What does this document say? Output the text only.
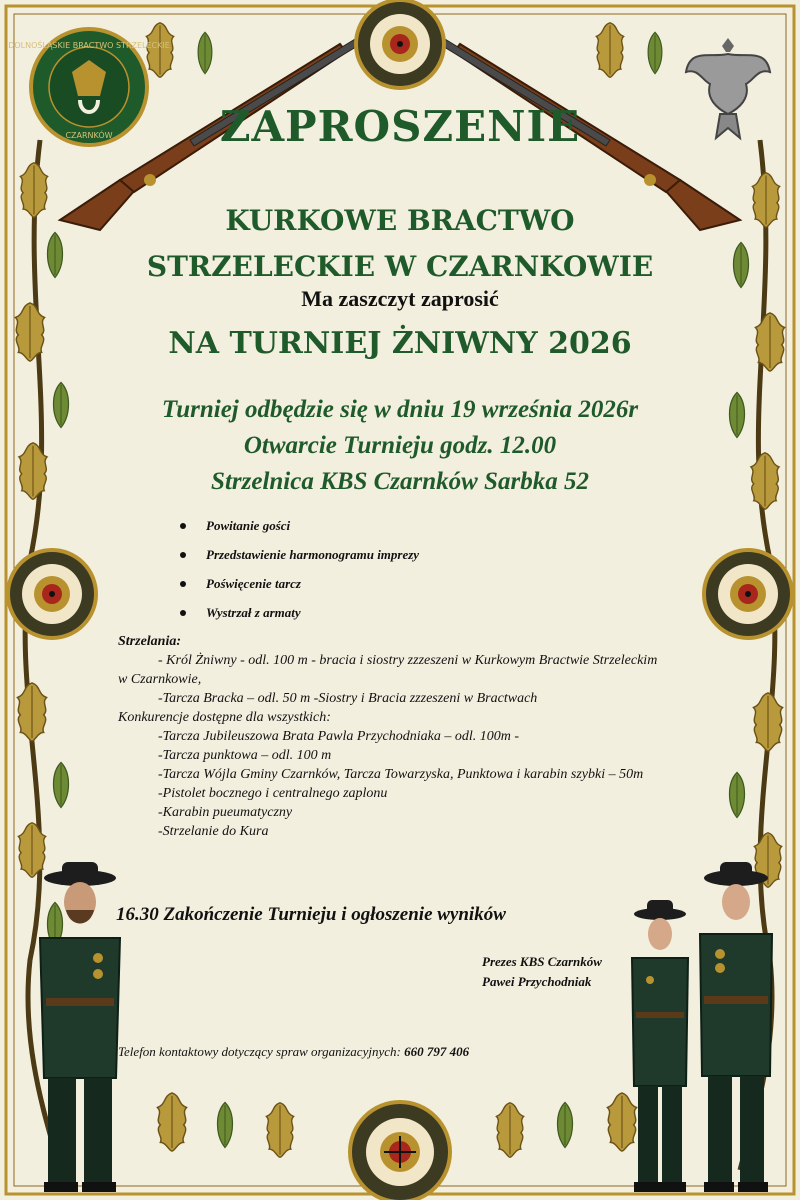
DOLNOŚLĄSKIE BRACTWO STRZELECKIE
CZARNKÓW	ZAPROSZENIE
KURKOWE BRACTWO STRZELECKIE W CZARNKOWIE
Ma zaszczyt zaprosić
NA TURNIEJ ŻNIWNY 2026
Turniej odbędzie się w dniu 19 września 2026r
Otwarcie Turnieju godz. 12.00
Strzelnica KBS Czarnków Sarbka 52
Powitanie gości
Przedstawienie harmonogramu imprezy
Poświęcenie tarcz
Wystrzał z armaty
Strzelania:
- Król Żniwny - odl. 100 m - bracia i siostry zzzeszeni w Kurkowym Bractwie Strzeleckim
w Czarnkowie,
-Tarcza Bracka – odl. 50 m -Siostry i Bracia zzzeszeni w Bractwach
Konkurencje dostępne dla wszystkich:
-Tarcza Jubileuszowa Brata Pawla Przychodniaka – odl. 100m -
-Tarcza punktowa – odl. 100 m
-Tarcza Wójla Gminy Czarnków, Tarcza Towarzyska, Punktowa i karabin szybki – 50m
-Pistolet bocznego i centralnego zaplonu
-Karabin pueumatyczny
-Strzelanie do Kura
16.30 Zakończenie Turnieju i ogłoszenie wyników
Prezes KBS Czarnków
Pawei Przychodniak
Telefon kontaktowy dotyczący spraw organizacyjnych: 660 797 406
